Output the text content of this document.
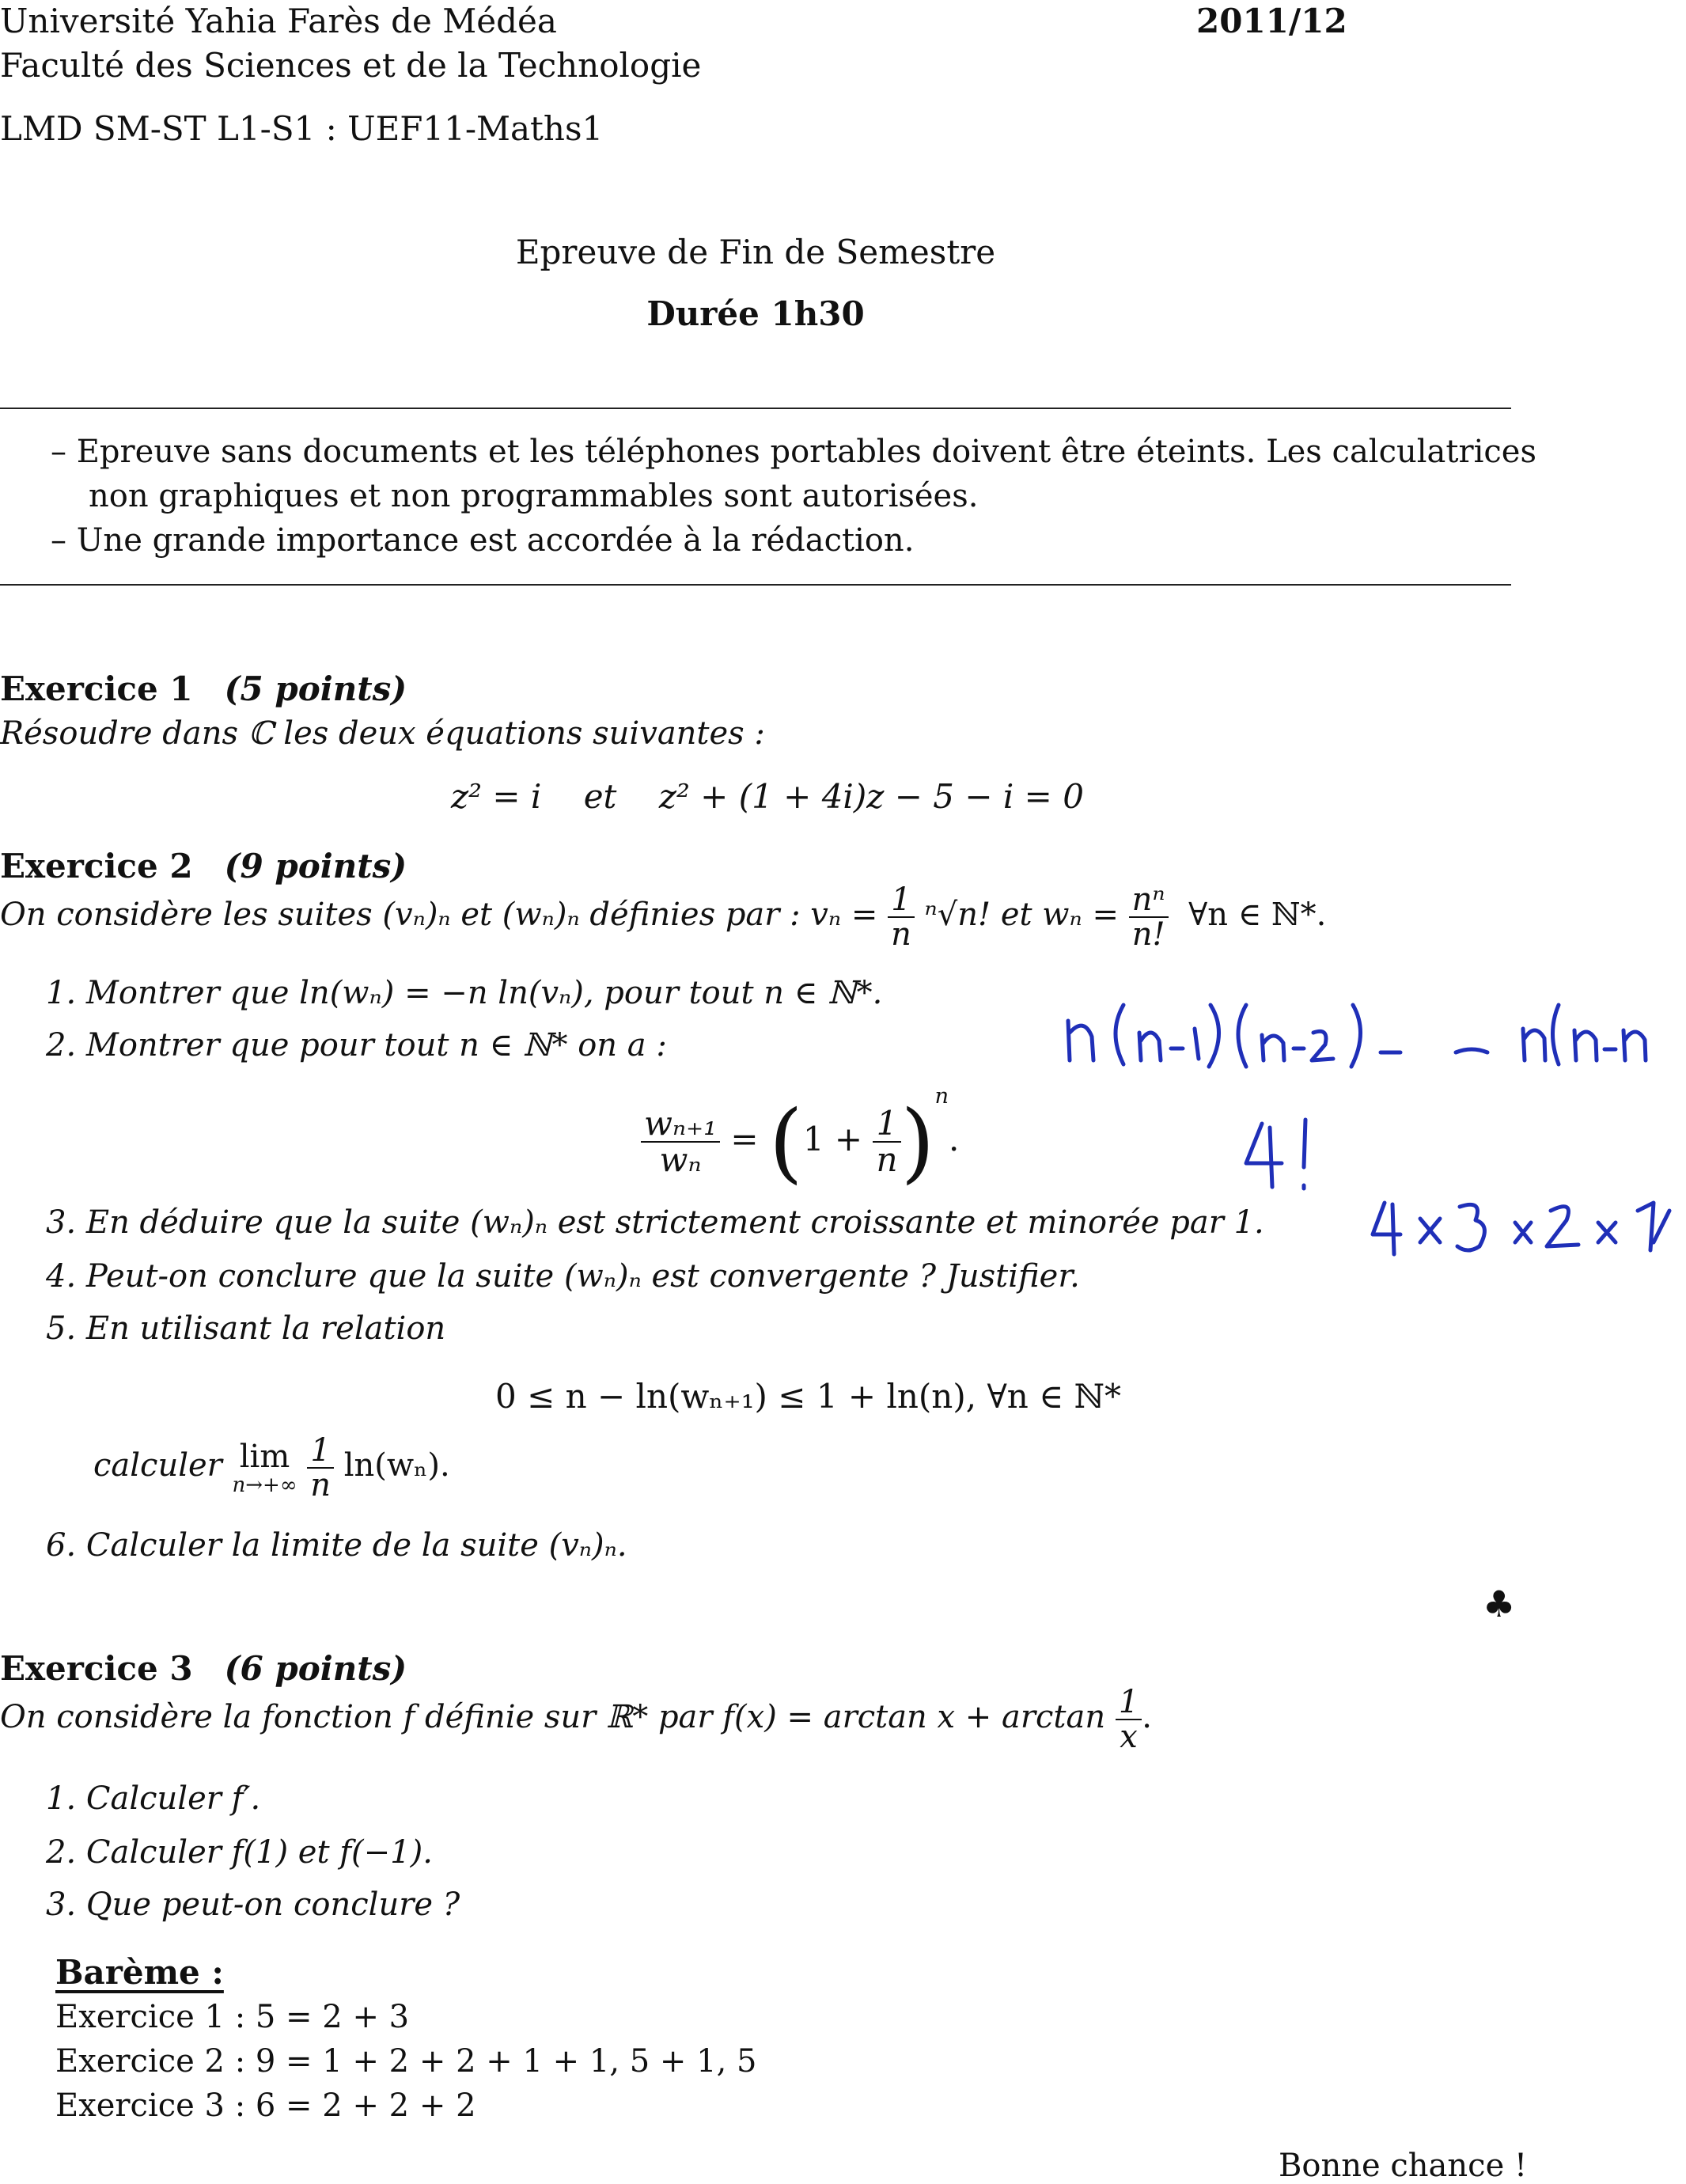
Université Yahia Farès de Médéa
Faculté des Sciences et de la Technologie
LMD SM-ST L1-S1 : UEF11-Maths1
2011/12
Epreuve de Fin de Semestre
Durée 1h30
– Epreuve sans documents et les téléphones portables doivent être éteints. Les calculatrices
non graphiques et non programmables sont autorisées.
– Une grande importance est accordée à la rédaction.
Exercice 1 (5 points)
Résoudre dans ℂ les deux équations suivantes :
z² = i et z² + (1 + 4i)z − 5 − i = 0
Exercice 2 (9 points)
On considère les suites (vₙ)ₙ et (wₙ)ₙ définies par : $v_n = \frac{1}{n} ^n√n$! et $w_n = \frac{\text{nⁿ}}{n!}$ ∀n ∈ ℕ*.
1. Montrer que ln(wₙ) = −n ln(vₙ), pour tout n ∈ ℕ*.
2. Montrer que pour tout n ∈ ℕ* on a :
$\frac{\text{wₙ₊₁}}{\text{wₙ}} = (1 + \frac{1}{n} )^n$.
3. En déduire que la suite (wₙ)ₙ est strictement croissante et minorée par 1.
4. Peut-on conclure que la suite (wₙ)ₙ est convergente ? Justifier.
5. En utilisant la relation
0 ≤ n − ln(wₙ₊₁) ≤ 1 + ln(n), ∀n ∈ ℕ*
calculer lim
n→+∞
$\frac{1}{n} \ln(w_n)$.
6. Calculer la limite de la suite (vₙ)ₙ.
♣
Exercice 3 (6 points)
On considère la fonction f définie sur ℝ* par $f(x) = \arctan x + \arctan \frac{1}{x}$ .
1. Calculer f′.
2. Calculer f(1) et f(−1).
3. Que peut-on conclure ?
Barème :
Exercice 1 : 5 = 2 + 3
Exercice 2 : 9 = 1 + 2 + 2 + 1 + 1, 5 + 1, 5
Exercice 3 : 6 = 2 + 2 + 2
Bonne chance !
